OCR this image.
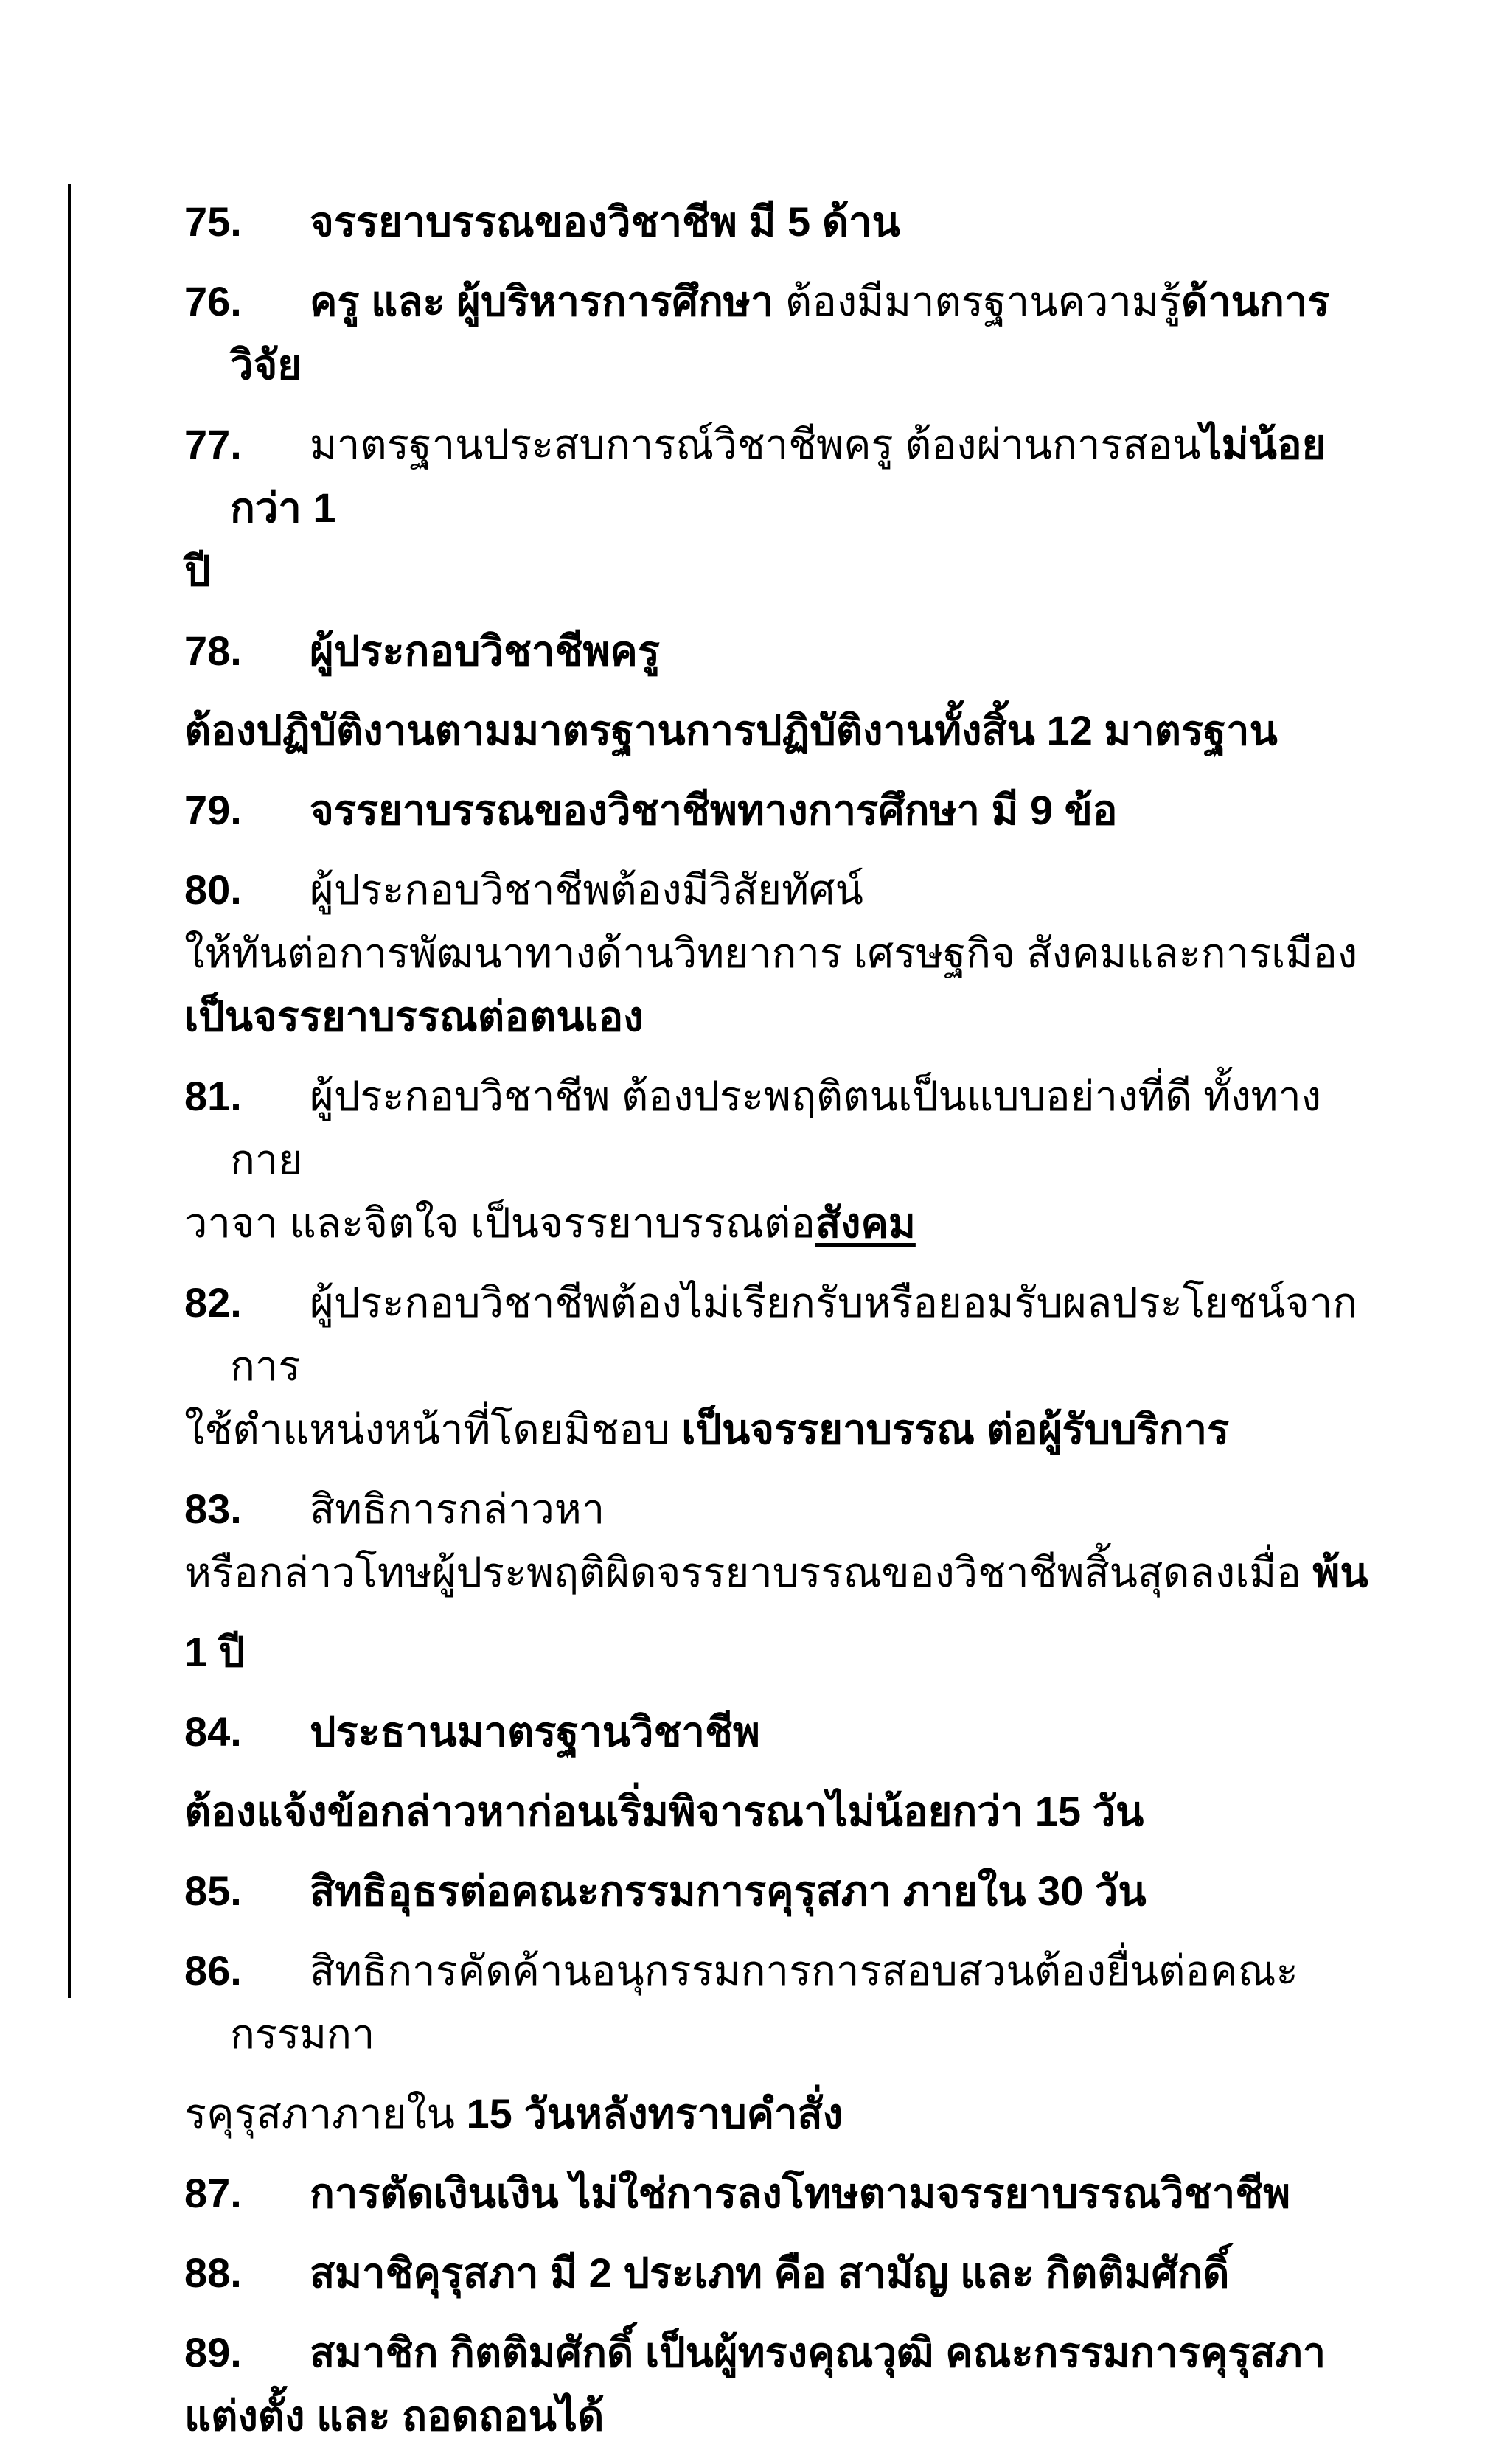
75. จรรยาบรรณของวิชาชีพ มี 5 ด้าน
76. ครู และ ผู้บริหารการศึกษา ต้องมีมาตรฐานความรู้ด้านการวิจัย
77. มาตรฐานประสบการณ์วิชาชีพครู ต้องผ่านการสอนไม่น้อยกว่า 1
ปี
78. ผู้ประกอบวิชาชีพครู
ต้องปฏิบัติงานตามมาตรฐานการปฏิบัติงานทั้งสิ้น 12 มาตรฐาน
79. จรรยาบรรณของวิชาชีพทางการศึกษา มี 9 ข้อ
80. ผู้ประกอบวิชาชีพต้องมีวิสัยทัศน์
ให้ทันต่อการพัฒนาทางด้านวิทยาการ เศรษฐกิจ สังคมและการเมือง
เป็นจรรยาบรรณต่อตนเอง
81. ผู้ประกอบวิชาชีพ ต้องประพฤติตนเป็นแบบอย่างที่ดี ทั้งทางกาย
วาจา และจิตใจ เป็นจรรยาบรรณต่อสังคม
82. ผู้ประกอบวิชาชีพต้องไม่เรียกรับหรือยอมรับผลประโยชน์จากการ
ใช้ตำแหน่งหน้าที่โดยมิชอบ เป็นจรรยาบรรณ ต่อผู้รับบริการ
83. สิทธิการกล่าวหา
หรือกล่าวโทษผู้ประพฤติผิดจรรยาบรรณของวิชาชีพสิ้นสุดลงเมื่อ พ้น
1 ปี
84. ประธานมาตรฐานวิชาชีพ
ต้องแจ้งข้อกล่าวหาก่อนเริ่มพิจารณาไม่น้อยกว่า 15 วัน
85. สิทธิอุธรต่อคณะกรรมการคุรุสภา ภายใน 30 วัน
86. สิทธิการคัดค้านอนุกรรมการการสอบสวนต้องยื่นต่อคณะกรรมกา
รคุรุสภาภายใน 15 วันหลังทราบคำสั่ง
87. การตัดเงินเงิน ไม่ใช่การลงโทษตามจรรยาบรรณวิชาชีพ
88. สมาชิคุรุสภา มี 2 ประเภท คือ สามัญ และ กิตติมศักดิ์
89. สมาชิก กิตติมศักดิ์ เป็นผู้ทรงคุณวุฒิ คณะกรรมการคุรุสภา
แต่งตั้ง และ ถอดถอนได้
